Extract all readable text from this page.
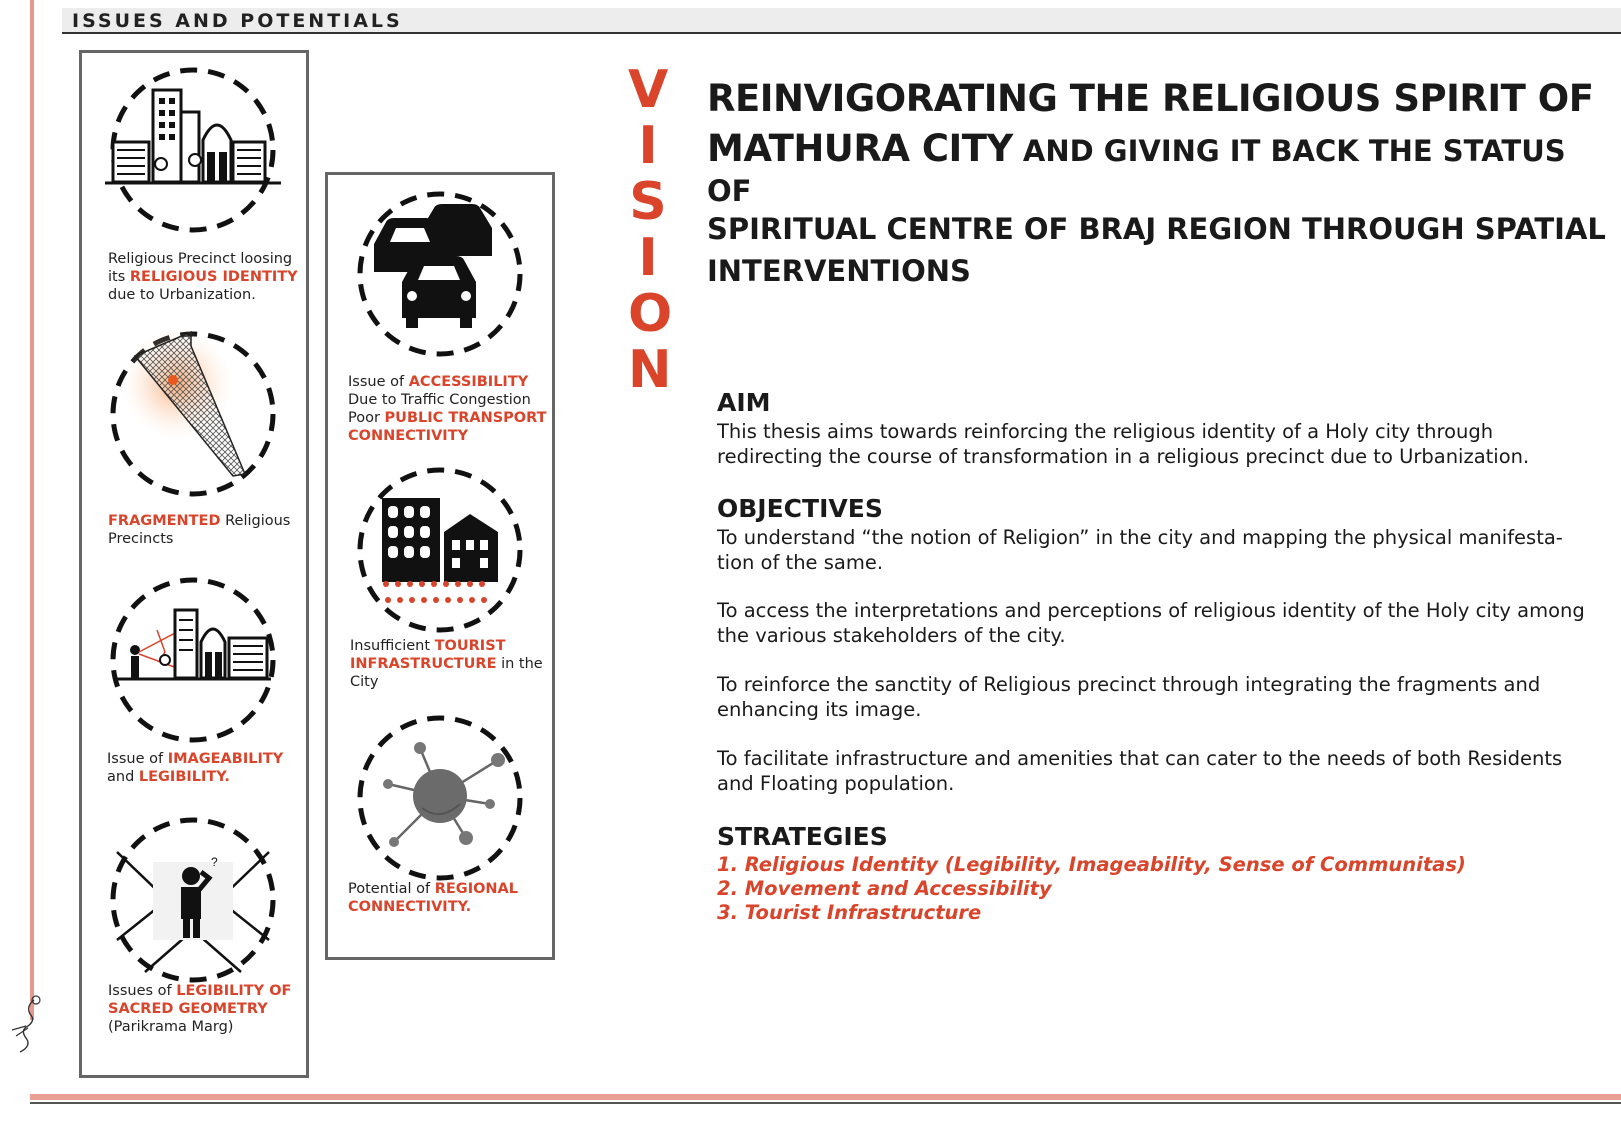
ISSUES AND POTENTIALS
Religious Precinct loosing its RELIGIOUS IDENTITY due to Urbanization.
FRAGMENTED Religious Precincts
Issue of IMAGEABILITY
and LEGIBILITY.
?
Issues of LEGIBILITY OF SACRED GEOMETRY (Parikrama Marg)
Issue of ACCESSIBILITY Due to Traffic Congestion Poor PUBLIC TRANSPORT CONNECTIVITY
Insufficient TOURIST INFRASTRUCTURE in the City
Potential of REGIONAL CONNECTIVITY.
V
I
S
I
O
N
REINVIGORATING THE RELIGIOUS SPIRIT OF
MATHURA CITY AND GIVING IT BACK THE STATUS OF
SPIRITUAL CENTRE OF BRAJ REGION THROUGH SPATIAL
INTERVENTIONS
AIM
This thesis aims towards reinforcing the religious identity of a Holy city through redirecting the course of transformation in a religious precinct due to Urbanization.
OBJECTIVES
To understand “the notion of Religion” in the city and mapping the physical manifesta-tion of the same.
To access the interpretations and perceptions of religious identity of the Holy city among the various stakeholders of the city.
To reinforce the sanctity of Religious precinct through integrating the fragments and enhancing its image.
To facilitate infrastructure and amenities that can cater to the needs of both Residents and Floating population.
STRATEGIES
1. Religious Identity (Legibility, Imageability, Sense of Communitas)
2. Movement and Accessibility
3. Tourist Infrastructure
